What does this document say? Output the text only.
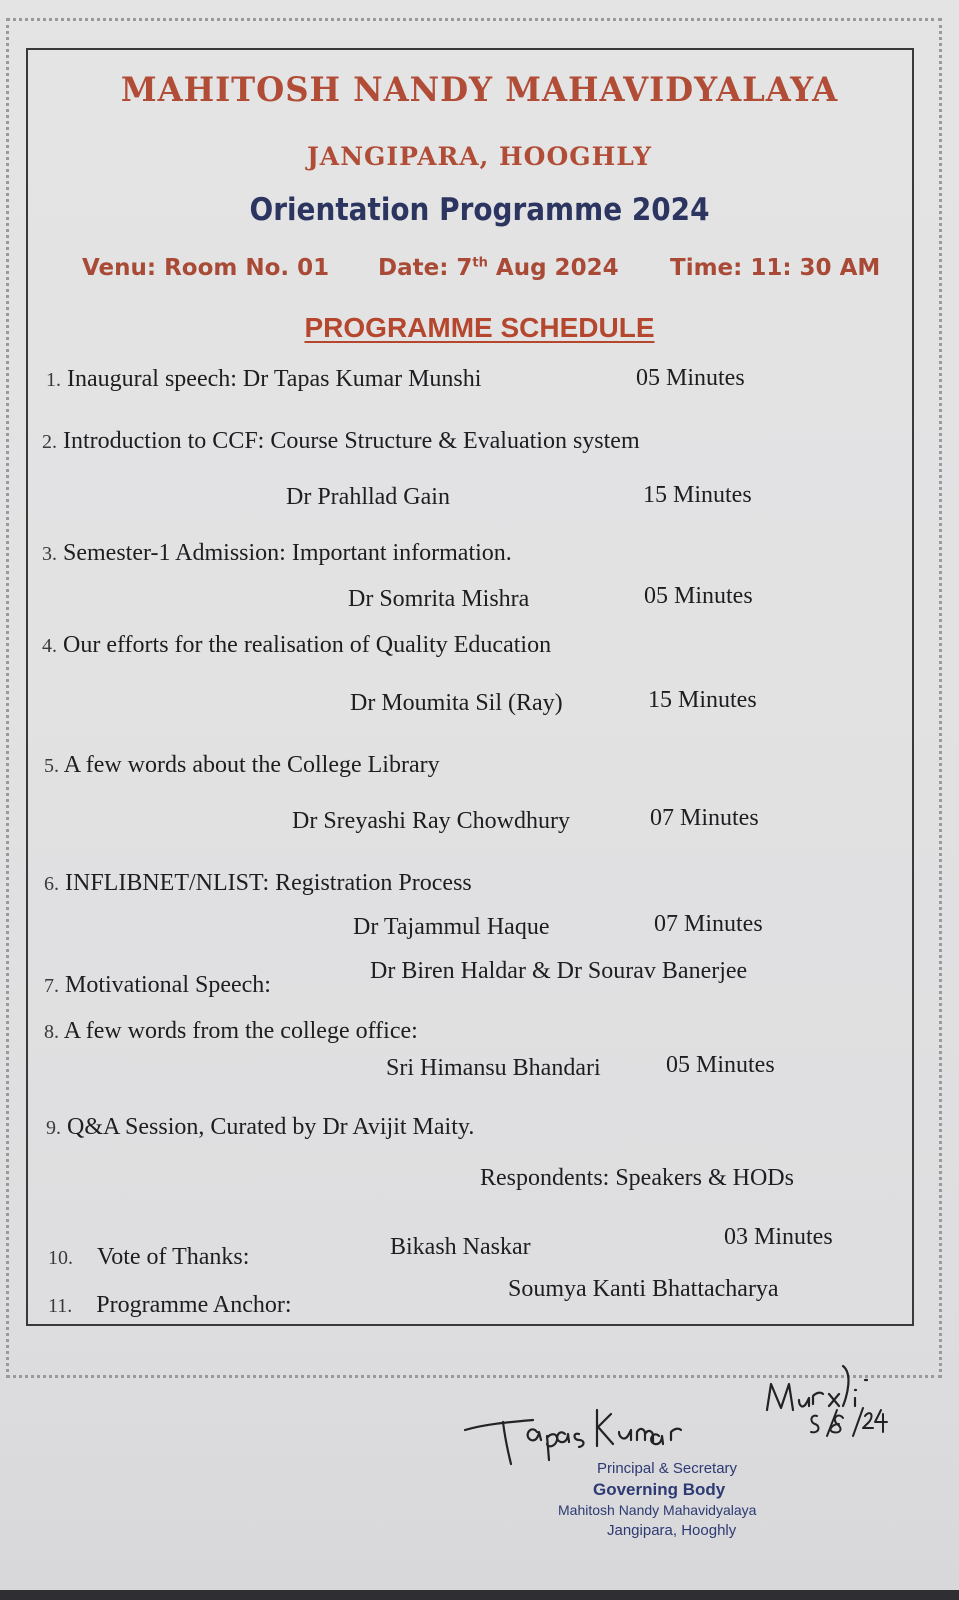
MAHITOSH NANDY MAHAVIDYALAYA
JANGIPARA, HOOGHLY
Orientation Programme 2024
Venu: Room No. 01 Date: 7th Aug 2024 Time: 11: 30 AM
PROGRAMME SCHEDULE
1. Inaugural speech: Dr Tapas Kumar Munshi	05 Minutes
2. Introduction to CCF: Course Structure & Evaluation system
Dr Prahllad Gain	15 Minutes
3. Semester-1 Admission: Important information.
Dr Somrita Mishra	05 Minutes
4. Our efforts for the realisation of Quality Education
Dr Moumita Sil (Ray)	15 Minutes
5. A few words about the College Library
Dr Sreyashi Ray Chowdhury	07 Minutes
6. INFLIBNET/NLIST: Registration Process
Dr Tajammul Haque	07 Minutes
7. Motivational Speech:
Dr Biren Haldar & Dr Sourav Banerjee
8. A few words from the college office:
Sri Himansu Bhandari	05 Minutes
9. Q&A Session, Curated by Dr Avijit Maity.
Respondents: Speakers & HODs
10. Vote of Thanks:	Bikash Naskar	03 Minutes
11. Programme Anchor:
Soumya Kanti Bhattacharya
Principal & Secretary
Governing Body
Mahitosh Nandy Mahavidyalaya
Jangipara, Hooghly
